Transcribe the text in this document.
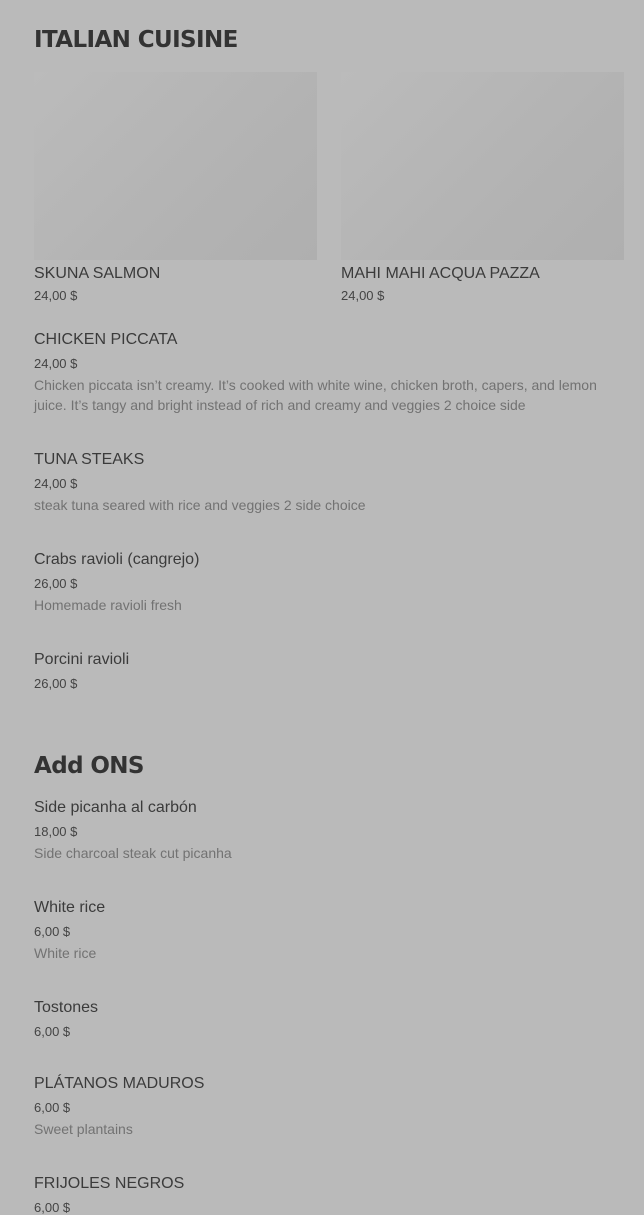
ITALIAN CUISINE
SKUNA SALMON
24,00 $
MAHI MAHI ACQUA PAZZA
24,00 $
CHICKEN PICCATA
24,00 $
Chicken piccata isn’t creamy. It’s cooked with white wine, chicken broth, capers, and lemon juice. It’s tangy and bright instead of rich and creamy and veggies 2 choice side
TUNA STEAKS
24,00 $
steak tuna seared with rice and veggies 2 side choice
Crabs ravioli (cangrejo)
26,00 $
Homemade ravioli fresh
Porcini ravioli
26,00 $
Add ONS
Side picanha al carbón
18,00 $
Side charcoal steak cut picanha
White rice
6,00 $
White rice
Tostones
6,00 $
PLÁTANOS MADUROS
6,00 $
Sweet plantains
FRIJOLES NEGROS
6,00 $
